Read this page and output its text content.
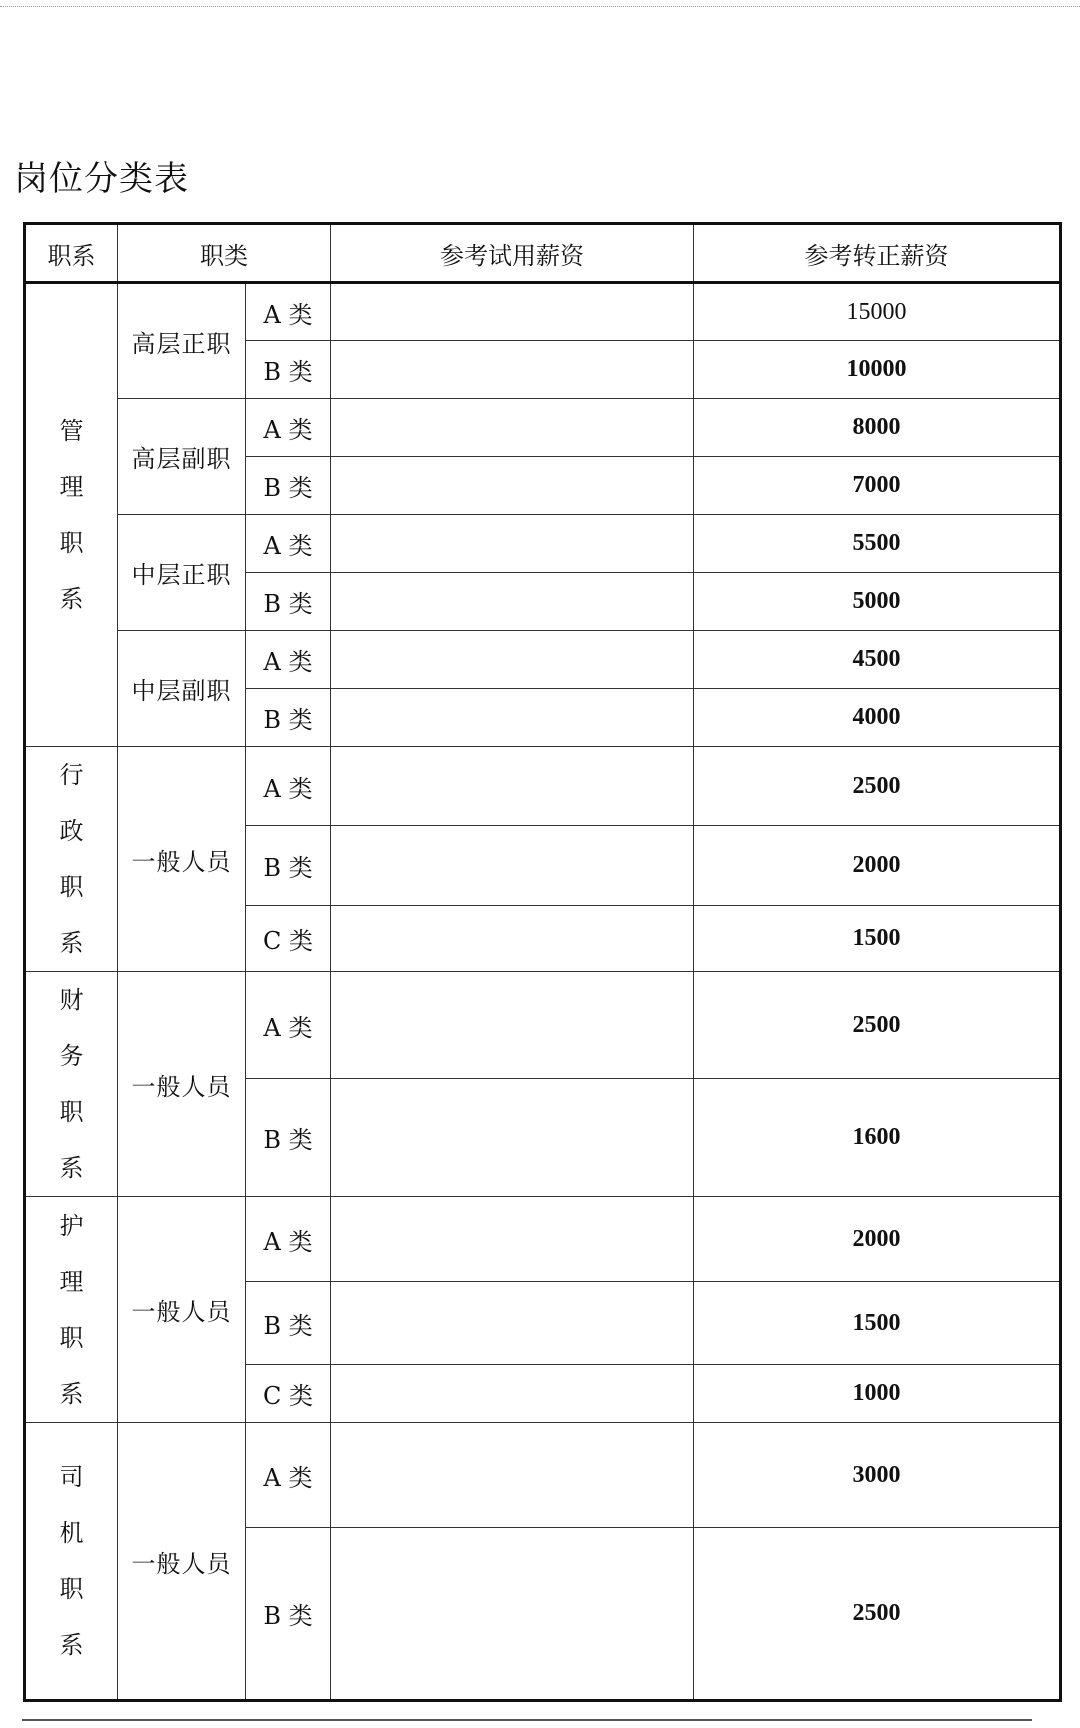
岗位分类表
职系	职类		参考试用薪资	参考转正薪资

管
理
职
系	高层正职	A 类		15000
		B 类		10000
	高层副职	A 类		8000
		B 类		7000
	中层正职	A 类		5500
		B 类		5000
	中层副职	A 类		4500
		B 类		4000

行
政
职
系	一般人员	A 类		2500
		B 类		2000
		C 类		1500

财
务
职
系	一般人员	A 类		2500
		B 类		1600

护
理
职
系	一般人员	A 类		2000
		B 类		1500
		C 类		1000

司
机
职
系	一般人员	A 类		3000
		B 类		2500
